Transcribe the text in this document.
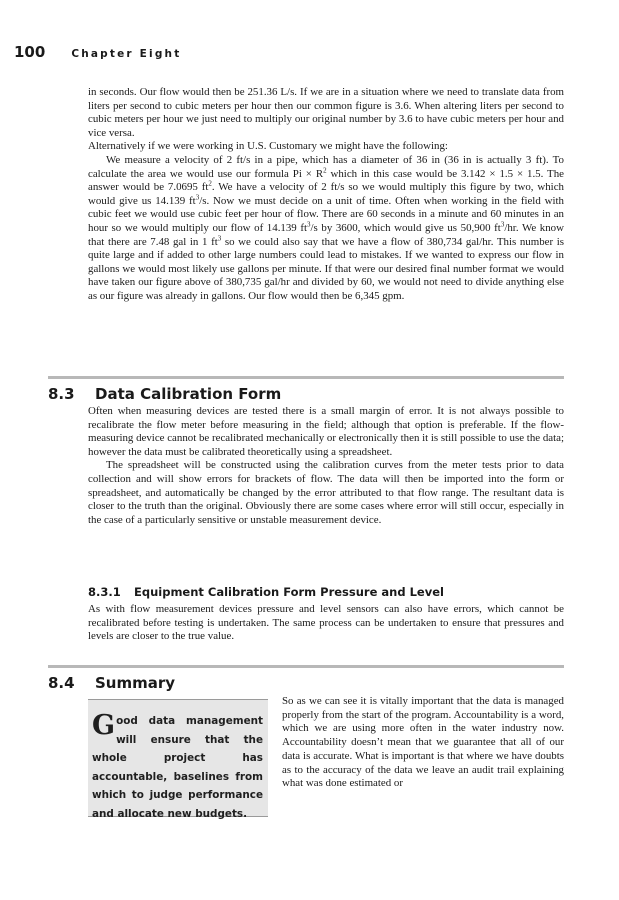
100 Chapter Eight

in seconds. Our flow would then be 251.36 L/s. If we are in a situation where we need to translate data from liters per second to cubic meters per hour then our common figure is 3.6. When altering liters per second to cubic meters per hour we just need to multiply our original number by 3.6 to have cubic meters per hour and vice versa.

Alternatively if we were working in U.S. Customary we might have the following:

We measure a velocity of 2 ft/s in a pipe, which has a diameter of 36 in (36 in is actually 3 ft). To calculate the area we would use our formula $Pi \times R^2$ which in this case would be 3.142 × 1.5 × 1.5. The answer would be 7.0695 $ft^2$. We have a velocity of 2 ft/s so we would multiply this figure by two, which would give us 14.139 $ft^3/s$. Now we must decide on a unit of time. Often when working in the field with cubic feet we would use cubic feet per hour of flow. There are 60 seconds in a minute and 60 minutes in an hour so we would multiply our flow of 14.139 $ft^3/s$ by 3600, which would give us 50,900 $ft^3/hr$. We know that there are 7.48 gal in 1 $ft^3$ so we could also say that we have a flow of 380,734 gal/hr. This number is quite large and if added to other large numbers could lead to mistakes. If we wanted to express our flow in gallons we would most likely use gallons per minute. If that were our desired final number format we would have taken our figure above of 380,735 gal/hr and divided by 60, we would not need to divide anything else as our figure was already in gallons. Our flow would then be 6,345 gpm.

8.3	Data Calibration Form

Often when measuring devices are tested there is a small margin of error. It is not always possible to recalibrate the flow meter before measuring in the field; although that option is preferable. If the flow-measuring device cannot be recalibrated mechanically or electronically then it is still possible to use the data; however the data must be calibrated theoretically using a spreadsheet.

The spreadsheet will be constructed using the calibration curves from the meter tests prior to data collection and will show errors for brackets of flow. The data will then be imported into the form or spreadsheet, and automatically be changed by the error attributed to that flow range. The resultant data is closer to the truth than the original. Obviously there are some cases where error will still occur, especially in the case of a particularly sensitive or unstable measurement device.

8.3.1	Equipment Calibration Form Pressure and Level

As with flow measurement devices pressure and level sensors can also have errors, which cannot be recalibrated before testing is undertaken. The same process can be undertaken to ensure that pressures and levels are closer to the true value.

8.4	Summary
Good data management will ensure that the whole project has accountable, baselines from which to judge performance and allocate new budgets.

So as we can see it is vitally important that the data is managed properly from the start of the program. Accountability is a word, which we are using more often in the water industry now. Accountability doesn’t mean that we guarantee that all of our data is accurate. What is important is that where we have doubts as to the accuracy of the data we leave an audit trail explaining what was done estimated or
